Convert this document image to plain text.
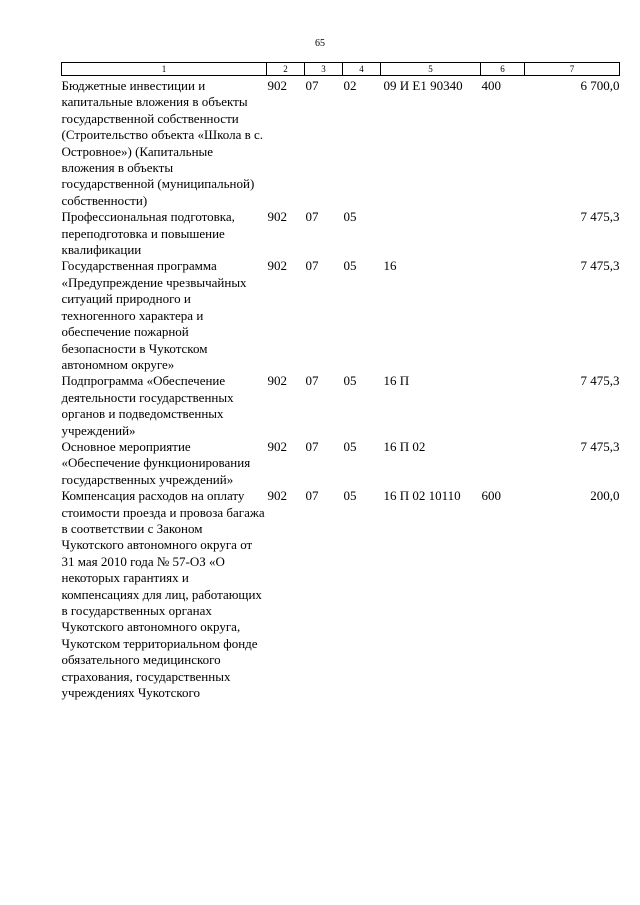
65
1	2	3	4	5	6	7
Бюджетные инвестиции и капитальные вложения в объекты государственной собственности (Строительство объекта «Школа в с. Островное») (Капитальные вложения в объекты государственной (муниципальной) собственности)	902	07	02	09 И Е1 90340	400	6 700,0
Профессиональная подготовка, переподготовка и повышение квалификации	902	07	05			7 475,3
Государственная программа «Предупреждение чрезвычайных ситуаций природного и техногенного характера и обеспечение пожарной безопасности в Чукотском автономном округе»	902	07	05	16		7 475,3
Подпрограмма «Обеспечение деятельности государственных органов и подведомственных учреждений»	902	07	05	16 П		7 475,3
Основное мероприятие «Обеспечение функционирования государственных учреждений»	902	07	05	16 П 02		7 475,3
Компенсация расходов на оплату стоимости проезда и провоза багажа в соответствии с Законом Чукотского автономного округа от 31 мая 2010 года № 57-ОЗ «О некоторых гарантиях и компенсациях для лиц, работающих в государственных органах Чукотского автономного округа, Чукотском территориальном фонде обязательного медицинского страхования, государственных учреждениях Чукотского	902	07	05	16 П 02 10110	600	200,0
